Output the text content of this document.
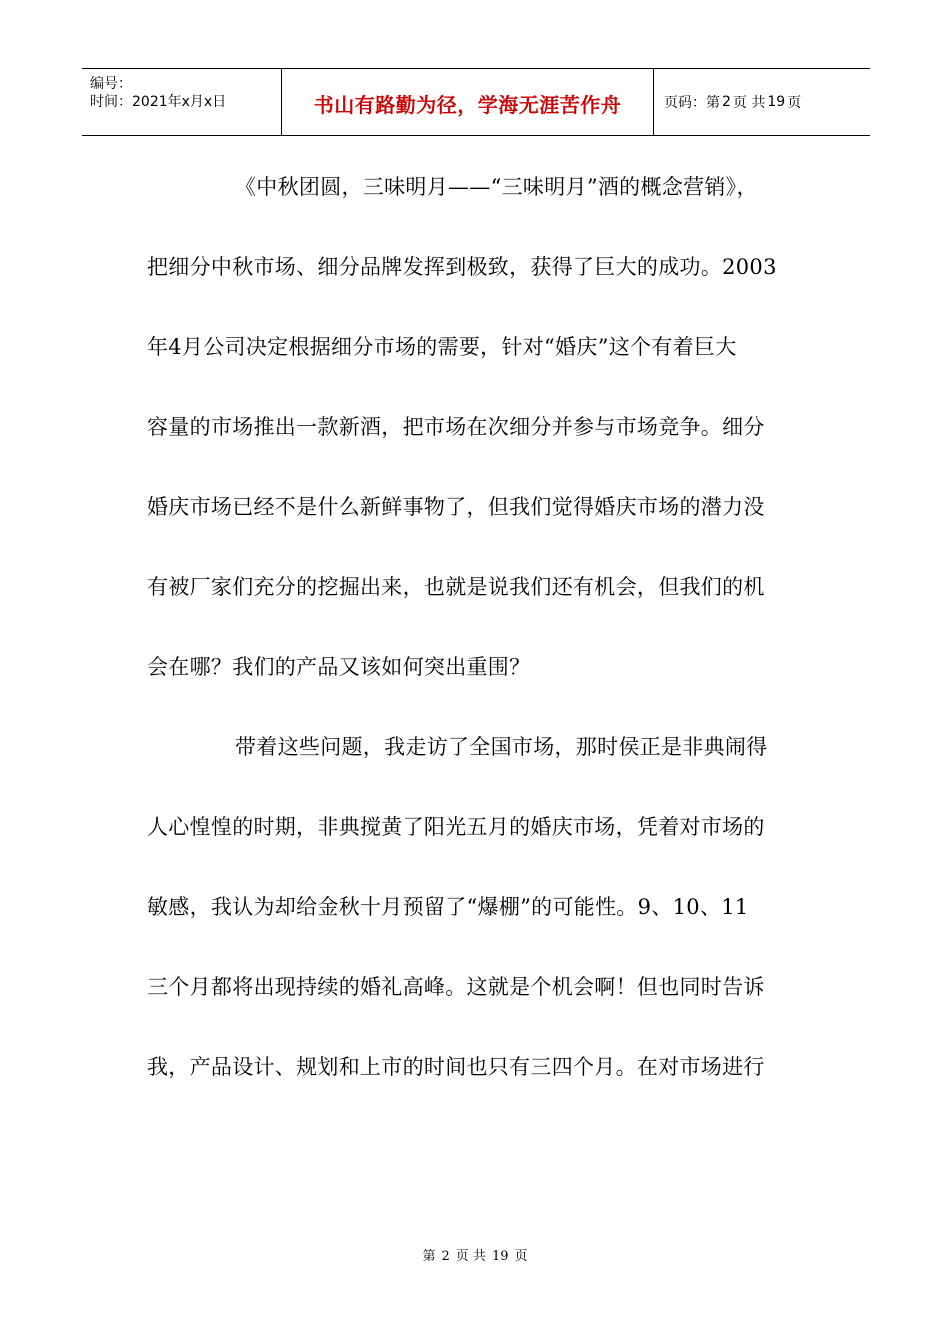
编号：
时间：2021年x月x日	书山有路勤为径，学海无涯苦作舟	页码：第 2 页 共 19 页
《中秋团圆，三味明月——“三味明月”酒的概念营销》，
把细分中秋市场、细分品牌发挥到极致，获得了巨大的成功。2003
年4月公司决定根据细分市场的需要，针对“婚庆”这个有着巨大
容量的市场推出一款新酒，把市场在次细分并参与市场竞争。细分
婚庆市场已经不是什么新鲜事物了，但我们觉得婚庆市场的潜力没
有被厂家们充分的挖掘出来，也就是说我们还有机会，但我们的机
会在哪？我们的产品又该如何突出重围？
带着这些问题，我走访了全国市场，那时侯正是非典闹得
人心惶惶的时期，非典搅黄了阳光五月的婚庆市场，凭着对市场的
敏感，我认为却给金秋十月预留了“爆棚”的可能性。9、10、11
三个月都将出现持续的婚礼高峰。这就是个机会啊！但也同时告诉
我，产品设计、规划和上市的时间也只有三四个月。在对市场进行
第 2 页 共 19 页
